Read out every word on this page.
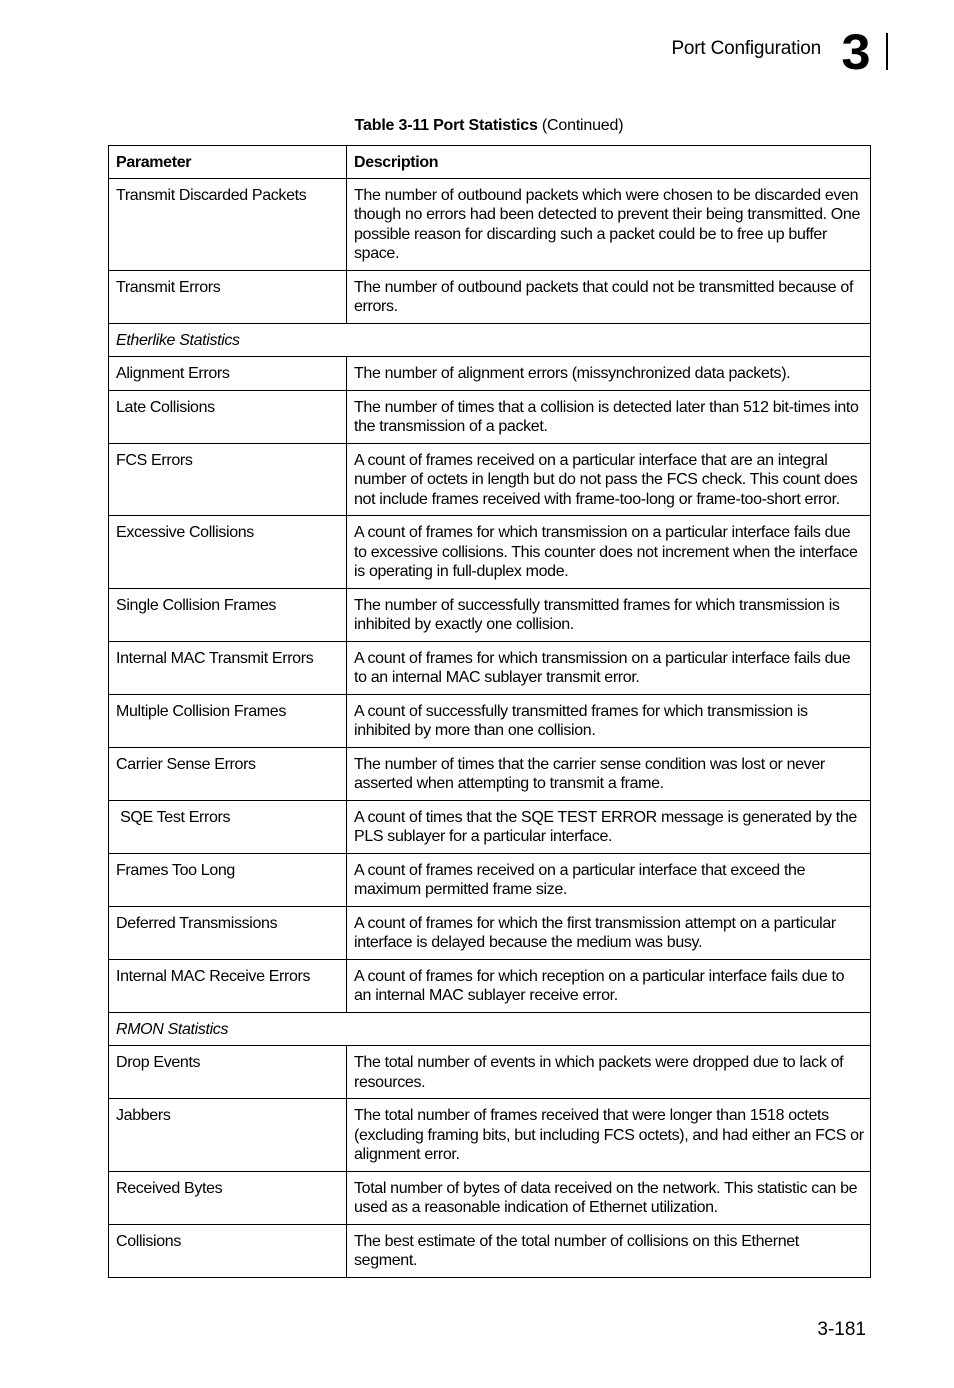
Port Configuration 3
Table 3-11 Port Statistics (Continued)
Parameter	Description
Transmit Discarded Packets	The number of outbound packets which were chosen to be discarded even though no errors had been detected to prevent their being transmitted. One possible reason for discarding such a packet could be to free up buffer space.
Transmit Errors	The number of outbound packets that could not be transmitted because of errors.
Etherlike Statistics	
Alignment Errors	The number of alignment errors (missynchronized data packets).
Late Collisions	The number of times that a collision is detected later than 512 bit-times into the transmission of a packet.
FCS Errors	A count of frames received on a particular interface that are an integral number of octets in length but do not pass the FCS check. This count does not include frames received with frame-too-long or frame-too-short error.
Excessive Collisions	A count of frames for which transmission on a particular interface fails due to excessive collisions. This counter does not increment when the interface is operating in full-duplex mode.
Single Collision Frames	The number of successfully transmitted frames for which transmission is inhibited by exactly one collision.
Internal MAC Transmit Errors	A count of frames for which transmission on a particular interface fails due to an internal MAC sublayer transmit error.
Multiple Collision Frames	A count of successfully transmitted frames for which transmission is inhibited by more than one collision.
Carrier Sense Errors	The number of times that the carrier sense condition was lost or never asserted when attempting to transmit a frame.
SQE Test Errors	A count of times that the SQE TEST ERROR message is generated by the PLS sublayer for a particular interface.
Frames Too Long	A count of frames received on a particular interface that exceed the maximum permitted frame size.
Deferred Transmissions	A count of frames for which the first transmission attempt on a particular interface is delayed because the medium was busy.
Internal MAC Receive Errors	A count of frames for which reception on a particular interface fails due to an internal MAC sublayer receive error.
RMON Statistics	
Drop Events	The total number of events in which packets were dropped due to lack of resources.
Jabbers	The total number of frames received that were longer than 1518 octets (excluding framing bits, but including FCS octets), and had either an FCS or alignment error.
Received Bytes	Total number of bytes of data received on the network. This statistic can be used as a reasonable indication of Ethernet utilization.
Collisions	The best estimate of the total number of collisions on this Ethernet segment.
3-181
